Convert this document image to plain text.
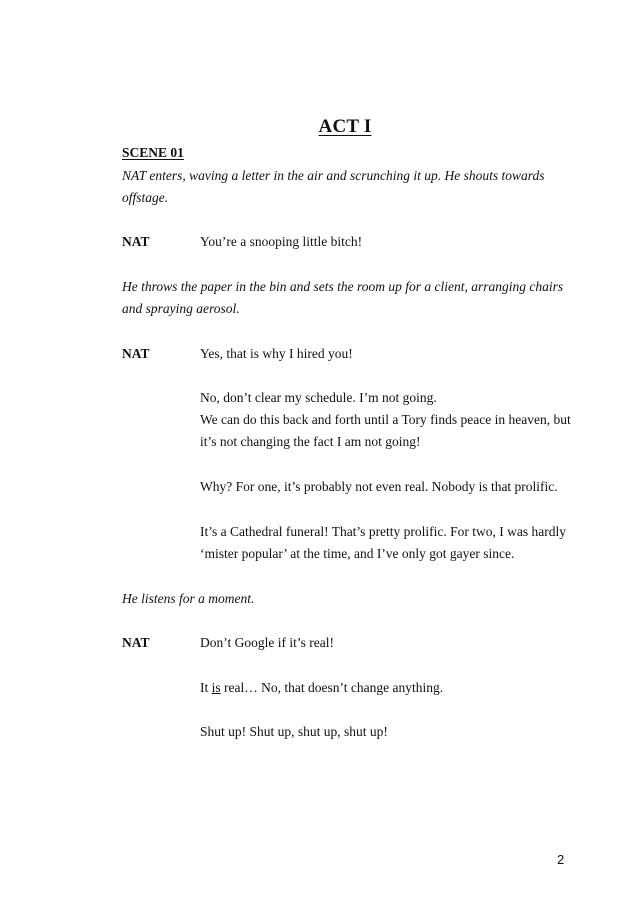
ACT I
SCENE 01

NAT enters, waving a letter in the air and scrunching it up. He shouts towards offstage.

NAT	You’re a snooping little bitch!

He throws the paper in the bin and sets the room up for a client, arranging chairs and spraying aerosol.

NAT	Yes, that is why I hired you!

No, don’t clear my schedule. I’m not going.

We can do this back and forth until a Tory finds peace in heaven, but it’s not changing the fact I am not going!

Why? For one, it’s probably not even real. Nobody is that prolific.

It’s a Cathedral funeral! That’s pretty prolific. For two, I was hardly ‘mister popular’ at the time, and I’ve only got gayer since.

He listens for a moment.

NAT	Don’t Google if it’s real!

It is real… No, that doesn’t change anything.

Shut up! Shut up, shut up, shut up!

2
